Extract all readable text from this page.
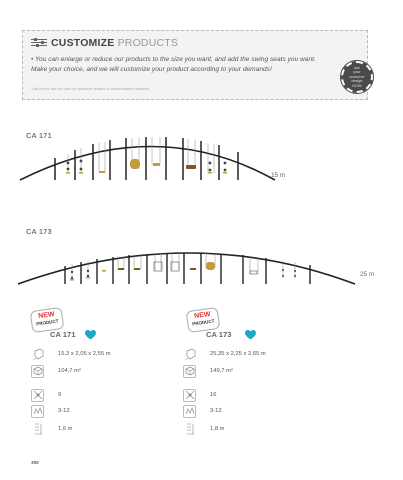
CUSTOMIZE PRODUCTS
• You can enlarge or reduce our products to the size you want, and add the swing seats you want. Make your choice, and we will customize your product according to your demands!
*List prices are not valid for products related to customization requests.
ask
your
customer
design
NOW
CA 171
15 m
CA 173
25 m
NEW
PRODUCT
CA 171
15,3 x 2,05 x 2,55 m
104,7 m²
9
3-12
1,6 m
NEW
PRODUCT
CA 173
25,35 x 2,25 x 2,65 m
149,7 m²
16
3-12
1,8 m
398
